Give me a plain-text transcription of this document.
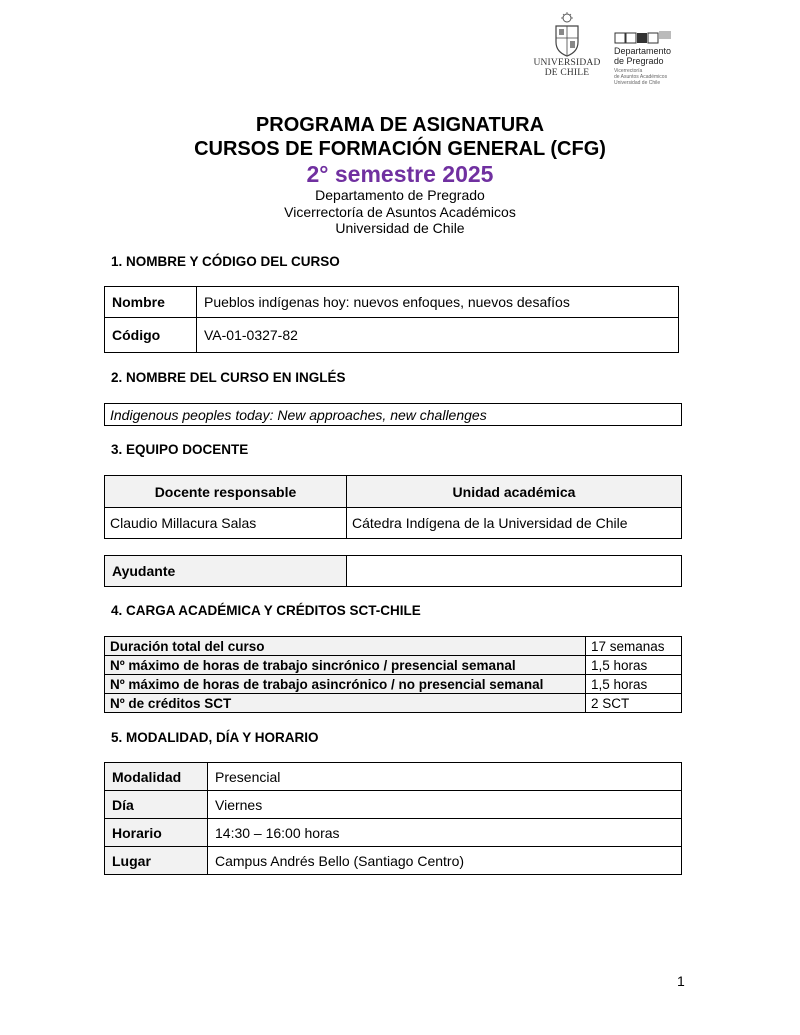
UNIVERSIDAD
DE CHILE
Departamento
de Pregrado
Vicerrectoría
de Asuntos Académicos
Universidad de Chile
PROGRAMA DE ASIGNATURA
CURSOS DE FORMACIÓN GENERAL (CFG)
2° semestre 2025
Departamento de Pregrado
Vicerrectoría de Asuntos Académicos
Universidad de Chile
1. NOMBRE Y CÓDIGO DEL CURSO
Nombre	Pueblos indígenas hoy: nuevos enfoques, nuevos desafíos
Código	VA-01-0327-82
2. NOMBRE DEL CURSO EN INGLÉS
Indigenous peoples today: New approaches, new challenges
3. EQUIPO DOCENTE
Docente responsable	Unidad académica
Claudio Millacura Salas	Cátedra Indígena de la Universidad de Chile
Ayudante	
4. CARGA ACADÉMICA Y CRÉDITOS SCT-CHILE
Duración total del curso	17 semanas
Nº máximo de horas de trabajo sincrónico / presencial semanal	1,5 horas
Nº máximo de horas de trabajo asincrónico / no presencial semanal	1,5 horas
Nº de créditos SCT	2 SCT
5. MODALIDAD, DÍA Y HORARIO
Modalidad	Presencial
Día	Viernes
Horario	14:30 – 16:00 horas
Lugar	Campus Andrés Bello (Santiago Centro)
1
